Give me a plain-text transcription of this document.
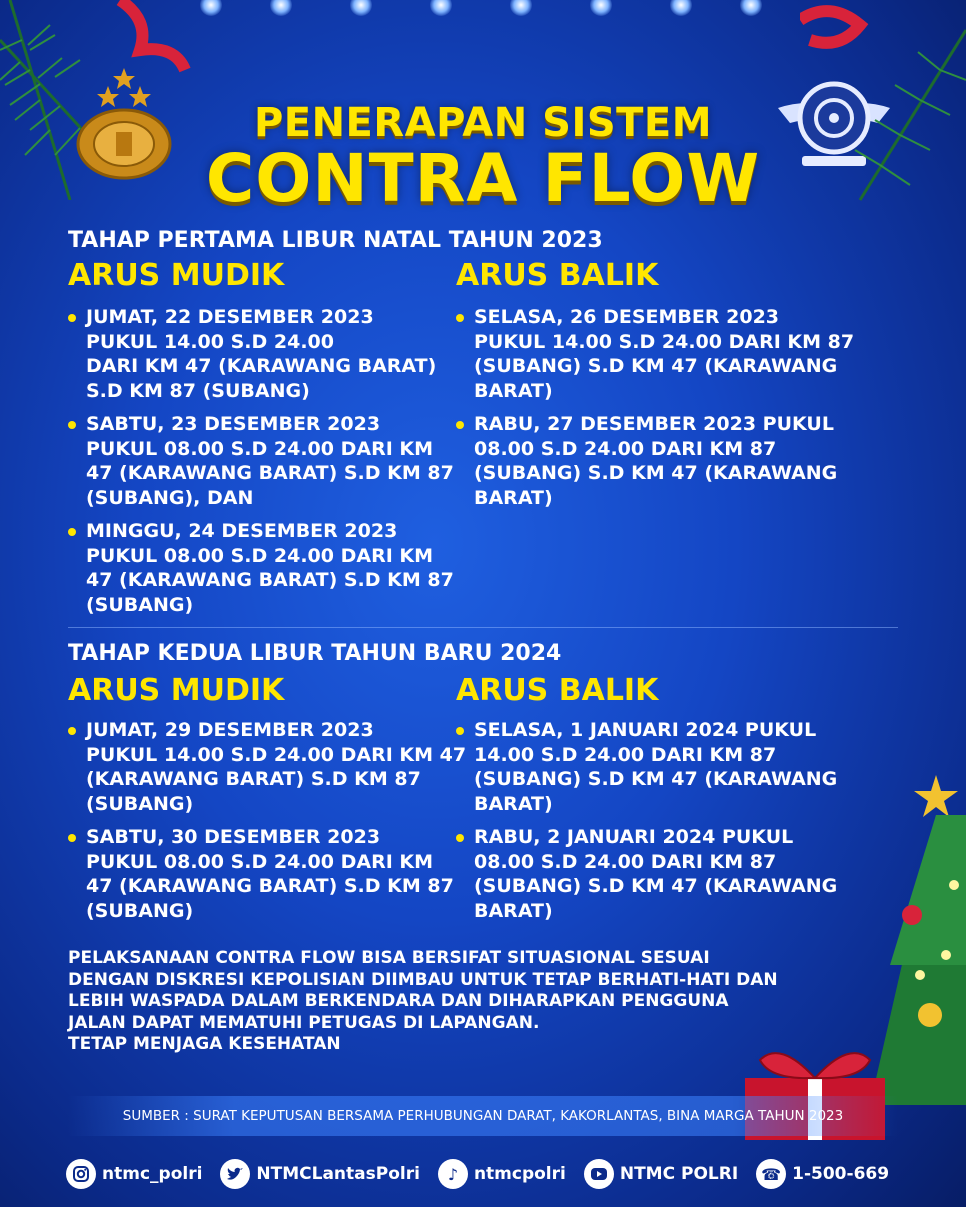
PENERAPAN SISTEM
CONTRA FLOW
TAHAP PERTAMA LIBUR NATAL TAHUN 2023
ARUS MUDIK	ARUS BALIK
JUMAT, 22 DESEMBER 2023
PUKUL 14.00 S.D 24.00
DARI KM 47 (KARAWANG BARAT)
S.D KM 87 (SUBANG)
SABTU, 23 DESEMBER 2023
PUKUL 08.00 S.D 24.00 DARI KM
47 (KARAWANG BARAT) S.D KM 87
(SUBANG), DAN
MINGGU, 24 DESEMBER 2023
PUKUL 08.00 S.D 24.00 DARI KM
47 (KARAWANG BARAT) S.D KM 87
(SUBANG)
SELASA, 26 DESEMBER 2023
PUKUL 14.00 S.D 24.00 DARI KM 87
(SUBANG) S.D KM 47 (KARAWANG
BARAT)
RABU, 27 DESEMBER 2023 PUKUL
08.00 S.D 24.00 DARI KM 87
(SUBANG) S.D KM 47 (KARAWANG
BARAT)
TAHAP KEDUA LIBUR TAHUN BARU 2024
ARUS MUDIK	ARUS BALIK
JUMAT, 29 DESEMBER 2023
PUKUL 14.00 S.D 24.00 DARI KM 47
(KARAWANG BARAT) S.D KM 87
(SUBANG)
SABTU, 30 DESEMBER 2023
PUKUL 08.00 S.D 24.00 DARI KM
47 (KARAWANG BARAT) S.D KM 87
(SUBANG)
SELASA, 1 JANUARI 2024 PUKUL
14.00 S.D 24.00 DARI KM 87
(SUBANG) S.D KM 47 (KARAWANG
BARAT)
RABU, 2 JANUARI 2024 PUKUL
08.00 S.D 24.00 DARI KM 87
(SUBANG) S.D KM 47 (KARAWANG
BARAT)
PELAKSANAAN CONTRA FLOW BISA BERSIFAT SITUASIONAL SESUAI
DENGAN DISKRESI KEPOLISIAN DIIMBAU UNTUK TETAP BERHATI-HATI DAN
LEBIH WASPADA DALAM BERKENDARA DAN DIHARAPKAN PENGGUNA
JALAN DAPAT MEMATUHI PETUGAS DI LAPANGAN.
TETAP MENJAGA KESEHATAN
SUMBER : SURAT KEPUTUSAN BERSAMA PERHUBUNGAN DARAT, KAKORLANTAS, BINA MARGA TAHUN 2023
ntmc_polri	NTMCLantasPolri	♪ ntmcpolri	NTMC POLRI	☎ 1-500-669
